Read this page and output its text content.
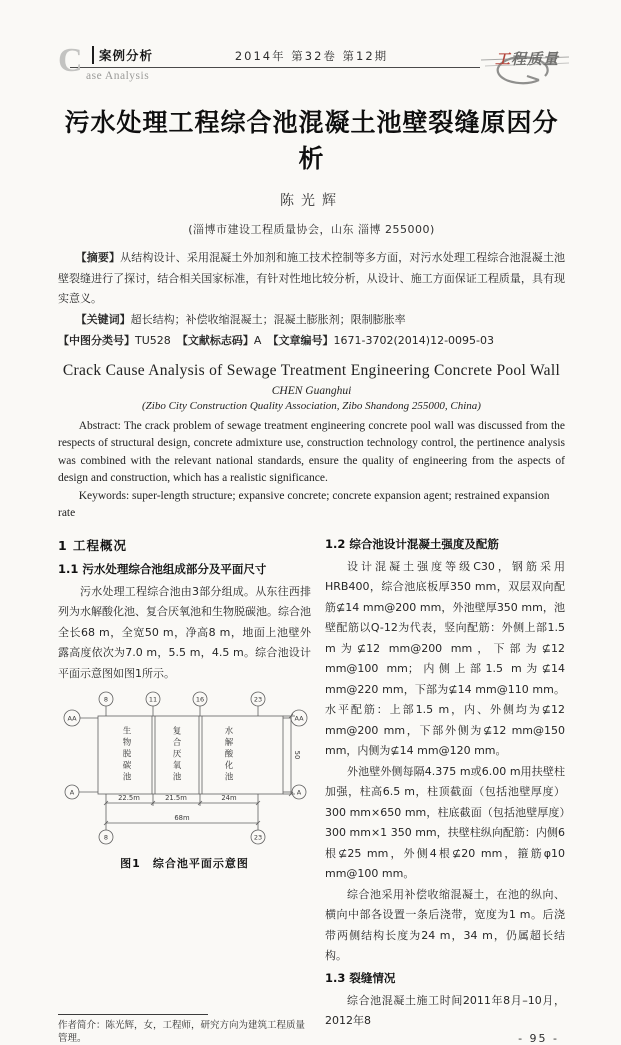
C	案例分析
ase Analysis
2014年 第32卷 第12期	工 程质量
污水处理工程综合池混凝土池壁裂缝原因分析
陈光辉
(淄博市建设工程质量协会，山东 淄博 255000)

【摘要】从结构设计、采用混凝土外加剂和施工技术控制等多方面，对污水处理工程综合池混凝土池壁裂缝进行了探讨，结合相关国家标准，有针对性地比较分析，从设计、施工方面保证工程质量，具有现实意义。

【关键词】超长结构；补偿收缩混凝土；混凝土膨胀剂；限制膨胀率

【中图分类号】TU528 【文献标志码】A 【文章编号】1671-3702(2014)12-0095-03

Crack Cause Analysis of Sewage Treatment Engineering Concrete Pool Wall
CHEN Guanghui
(Zibo City Construction Quality Association, Zibo Shandong 255000, China)

Abstract: The crack problem of sewage treatment engineering concrete pool wall was discussed from the respects of structural design, concrete admixture use, construction technology control, the pertinence analysis was combined with the relevant national standards, ensure the quality of engineering from the aspects of design and construction, which has a realistic significance.

Keywords: super-length structure; expansive concrete; concrete expansion agent; restrained expansion rate

1 工程概况
1.1 污水处理综合池组成部分及平面尺寸

污水处理工程综合池由3部分组成。从东往西排列为水解酸化池、复合厌氧池和生物脱碳池。综合池全长68 m，全宽50 m，净高8 m，地面上池壁外露高度依次为7.0 m，5.5 m，4.5 m。综合池设计平面示意图如图1所示。

8	11	16	23
AA	AA
A	A
22.5m	21.5m	24m
68m
8	23
50
生物脱碳池	复合厌氧池	水解酸化池
图1　综合池平面示意图
作者简介：陈光辉，女，工程师，研究方向为建筑工程质量管理。
1.2 综合池设计混凝土强度及配筋

设计混凝土强度等级C30，钢筋采用HRB400，综合池底板厚350 mm，双层双向配筋⊈14 mm@200 mm，外池壁厚350 mm，池壁配筋以Q-12为代表，竖向配筋：外侧上部1.5 m为⊈12 mm@200 mm，下部为⊈12 mm@100 mm；内侧上部1.5 m为⊈14 mm@220 mm，下部为⊈14 mm@110 mm。水平配筋：上部1.5 m，内、外侧均为⊈12 mm@200 mm，下部外侧为⊈12 mm@150 mm，内侧为⊈14 mm@120 mm。

外池壁外侧每隔4.375 m或6.00 m用扶壁柱加强，柱高6.5 m，柱顶截面（包括池壁厚度）300 mm×650 mm，柱底截面（包括池壁厚度）300 mm×1 350 mm，扶壁柱纵向配筋：内侧6根⊈25 mm，外侧4根⊈20 mm，箍筋φ10 mm@100 mm。

综合池采用补偿收缩混凝土，在池的纵向、横向中部各设置一条后浇带，宽度为1 m。后浇带两侧结构长度为24 m，34 m，仍属超长结构。

1.3 裂缝情况

综合池混凝土施工时间2011年8月–10月，2012年8

- 95 -
